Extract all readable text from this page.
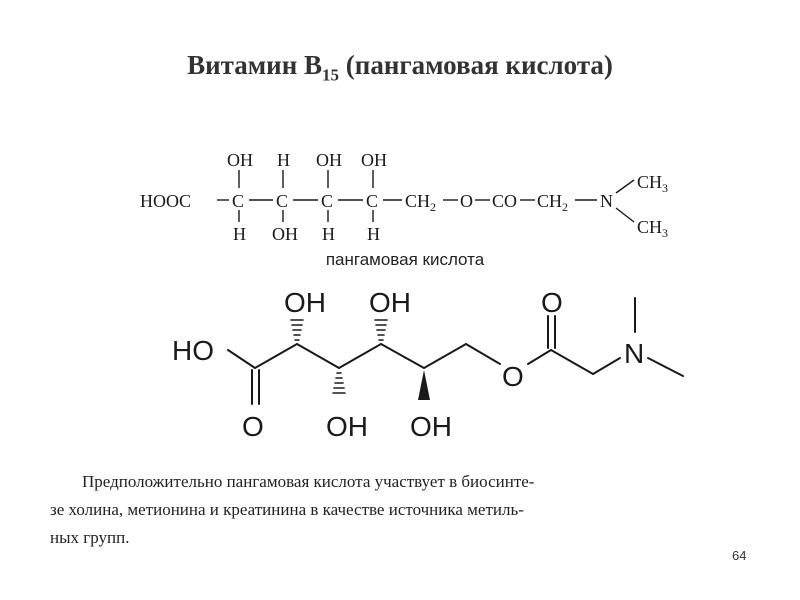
Витамин $B_{15}$ (пангамовая кислота)
HOOC C C C C
OH H OH OH
H OH H H
$CH_2$ O CO $CH_2$ N
$CH_3$
$CH_3$
пангамовая кислота
HO
O
OH OH
OH OH
O
O
N
Предположительно пангамовая кислота участвует в биосинте-
зе холина, метионина и креатинина в качестве источника метиль-
ных групп.
64
